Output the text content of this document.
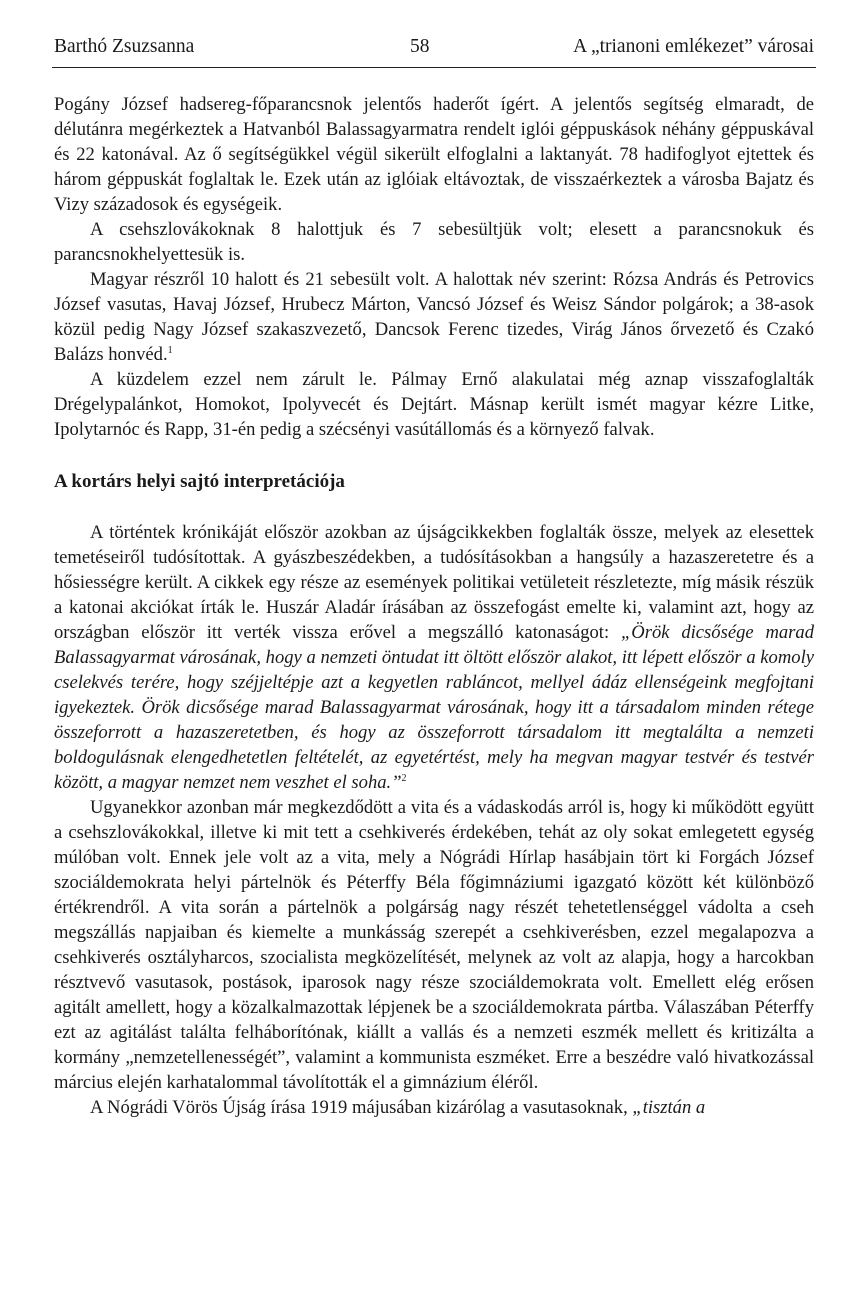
Barthó Zsuzsanna	58	A „trianoni emlékezet” városai

Pogány József hadsereg-főparancsnok jelentős haderőt ígért. A jelentős segítség elmaradt, de délutánra megérkeztek a Hatvanból Balassagyarmatra rendelt iglói géppuskások néhány géppuskával és 22 katonával. Az ő segítségükkel végül sikerült elfoglalni a laktanyát. 78 hadifoglyot ejtettek és három géppuskát foglaltak le. Ezek után az iglóiak eltávoztak, de visszaérkeztek a városba Bajatz és Vizy századosok és egységeik.

A csehszlovákoknak 8 halottjuk és 7 sebesültjük volt; elesett a parancsnokuk és parancsnokhelyettesük is.

Magyar részről 10 halott és 21 sebesült volt. A halottak név szerint: Rózsa András és Petrovics József vasutas, Havaj József, Hrubecz Márton, Vancsó József és Weisz Sándor polgárok; a 38-asok közül pedig Nagy József szakaszvezető, Dancsok Ferenc tizedes, Virág János őrvezető és Czakó Balázs honvéd.$^1$

A küzdelem ezzel nem zárult le. Pálmay Ernő alakulatai még aznap visszafoglalták Drégelypalánkot, Homokot, Ipolyvecét és Dejtárt. Másnap került ismét magyar kézre Litke, Ipolytarnóc és Rapp, 31-én pedig a szécsényi vasútállomás és a környező falvak.

A kortárs helyi sajtó interpretációja

A történtek krónikáját először azokban az újságcikkekben foglalták össze, melyek az elesettek temetéseiről tudósítottak. A gyászbeszédekben, a tudósításokban a hangsúly a hazaszeretetre és a hősiességre került. A cikkek egy része az események politikai vetületeit részletezte, míg másik részük a katonai akciókat írták le. Huszár Aladár írásában az összefogást emelte ki, valamint azt, hogy az országban először itt verték vissza erővel a megszálló katonaságot: „Örök dicsősége marad Balassagyarmat városának, hogy a nemzeti öntudat itt öltött először alakot, itt lépett először a komoly cselekvés terére, hogy széjjeltépje azt a kegyetlen rabláncot, mellyel ádáz ellenségeink megfojtani igyekeztek. Örök dicsősége marad Balassagyarmat városának, hogy itt a társadalom minden rétege összeforrott a hazaszeretetben, és hogy az összeforrott társadalom itt megtalálta a nemzeti boldogulásnak elengedhetetlen feltételét, az egyetértést, mely ha megvan magyar testvér és testvér között, a magyar nemzet nem veszhet el soha.”$^2$

Ugyanekkor azonban már megkezdődött a vita és a vádaskodás arról is, hogy ki működött együtt a csehszlovákokkal, illetve ki mit tett a csehkiverés érdekében, tehát az oly sokat emlegetett egység múlóban volt. Ennek jele volt az a vita, mely a Nógrádi Hírlap hasábjain tört ki Forgách József szociáldemokrata helyi pártelnök és Péterffy Béla főgimnáziumi igazgató között két különböző értékrendről. A vita során a pártelnök a polgárság nagy részét tehetetlenséggel vádolta a cseh megszállás napjaiban és kiemelte a munkásság szerepét a csehkiverésben, ezzel megalapozva a csehkiverés osztályharcos, szocialista megközelítését, melynek az volt az alapja, hogy a harcokban résztvevő vasutasok, postások, iparosok nagy része szociáldemokrata volt. Emellett elég erősen agitált amellett, hogy a közalkalmazottak lépjenek be a szociáldemokrata pártba. Válaszában Péterffy ezt az agitálást találta felháborítónak, kiállt a vallás és a nemzeti eszmék mellett és kritizálta a kormány „nemzetellenességét”, valamint a kommunista eszméket. Erre a beszédre való hivatkozással március elején karhatalommal távolították el a gimnázium éléről.

A Nógrádi Vörös Újság írása 1919 májusában kizárólag a vasutasoknak, „tisztán a
